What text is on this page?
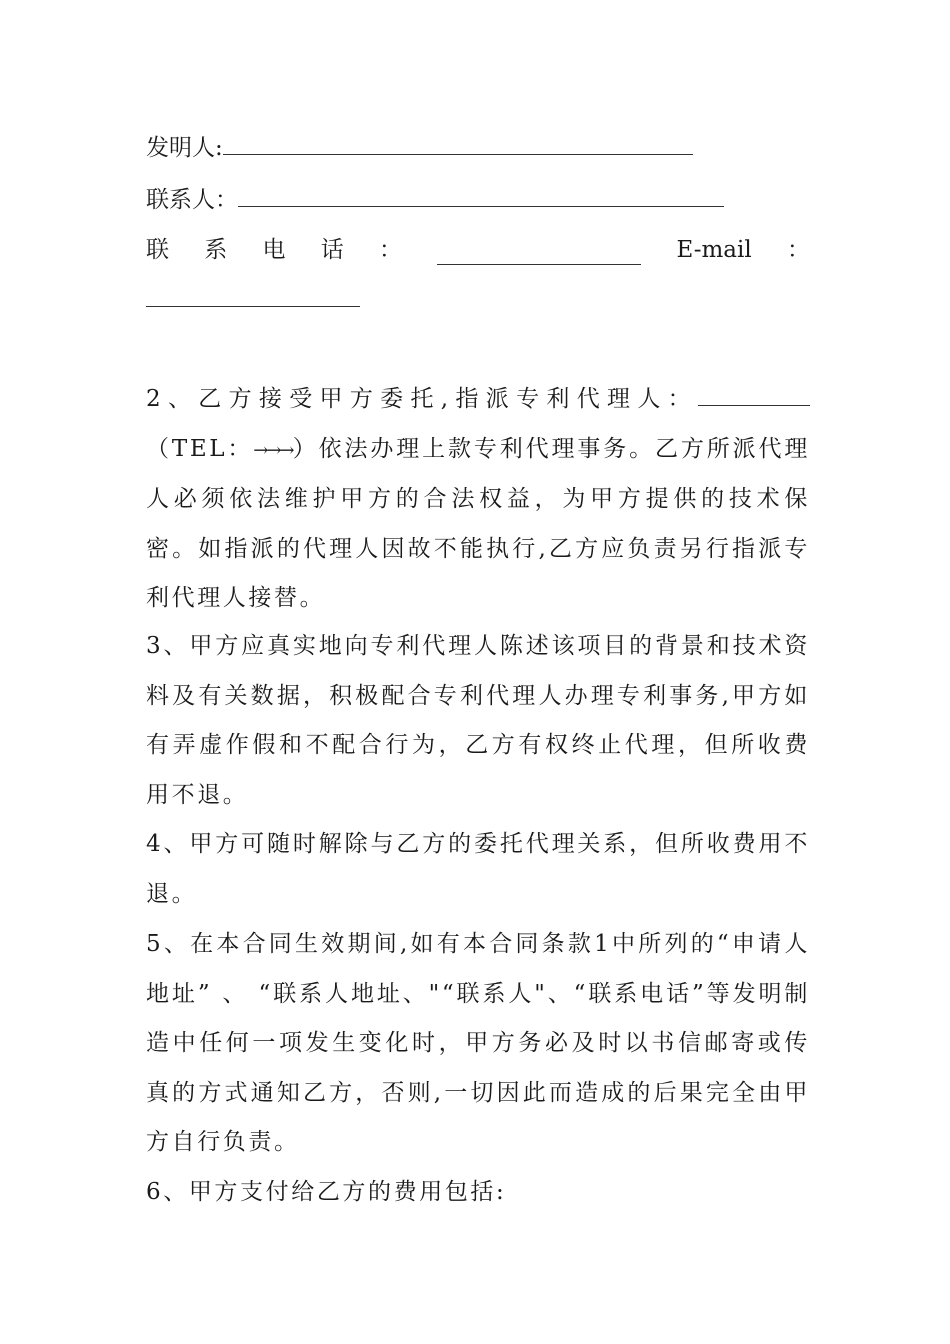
发明人:
联系人：
联 系 电 话 ：	E-mail ：
2、乙方接受甲方委托,指派专利代理人：（TEL：→→→）依法办理上款专利代理事务。乙方所派代理人必须依法维护甲方的合法权益，为甲方提供的技术保密。如指派的代理人因故不能执行,乙方应负责另行指派专利代理人接替。
3、甲方应真实地向专利代理人陈述该项目的背景和技术资料及有关数据，积极配合专利代理人办理专利事务,甲方如有弄虚作假和不配合行为，乙方有权终止代理，但所收费用不退。
4、甲方可随时解除与乙方的委托代理关系，但所收费用不退。
5、在本合同生效期间,如有本合同条款1中所列的“申请人地址” 、 “联系人地址、"“联系人"、“联系电话”等发明制造中任何一项发生变化时，甲方务必及时以书信邮寄或传真的方式通知乙方，否则,一切因此而造成的后果完全由甲方自行负责。
6、甲方支付给乙方的费用包括:
